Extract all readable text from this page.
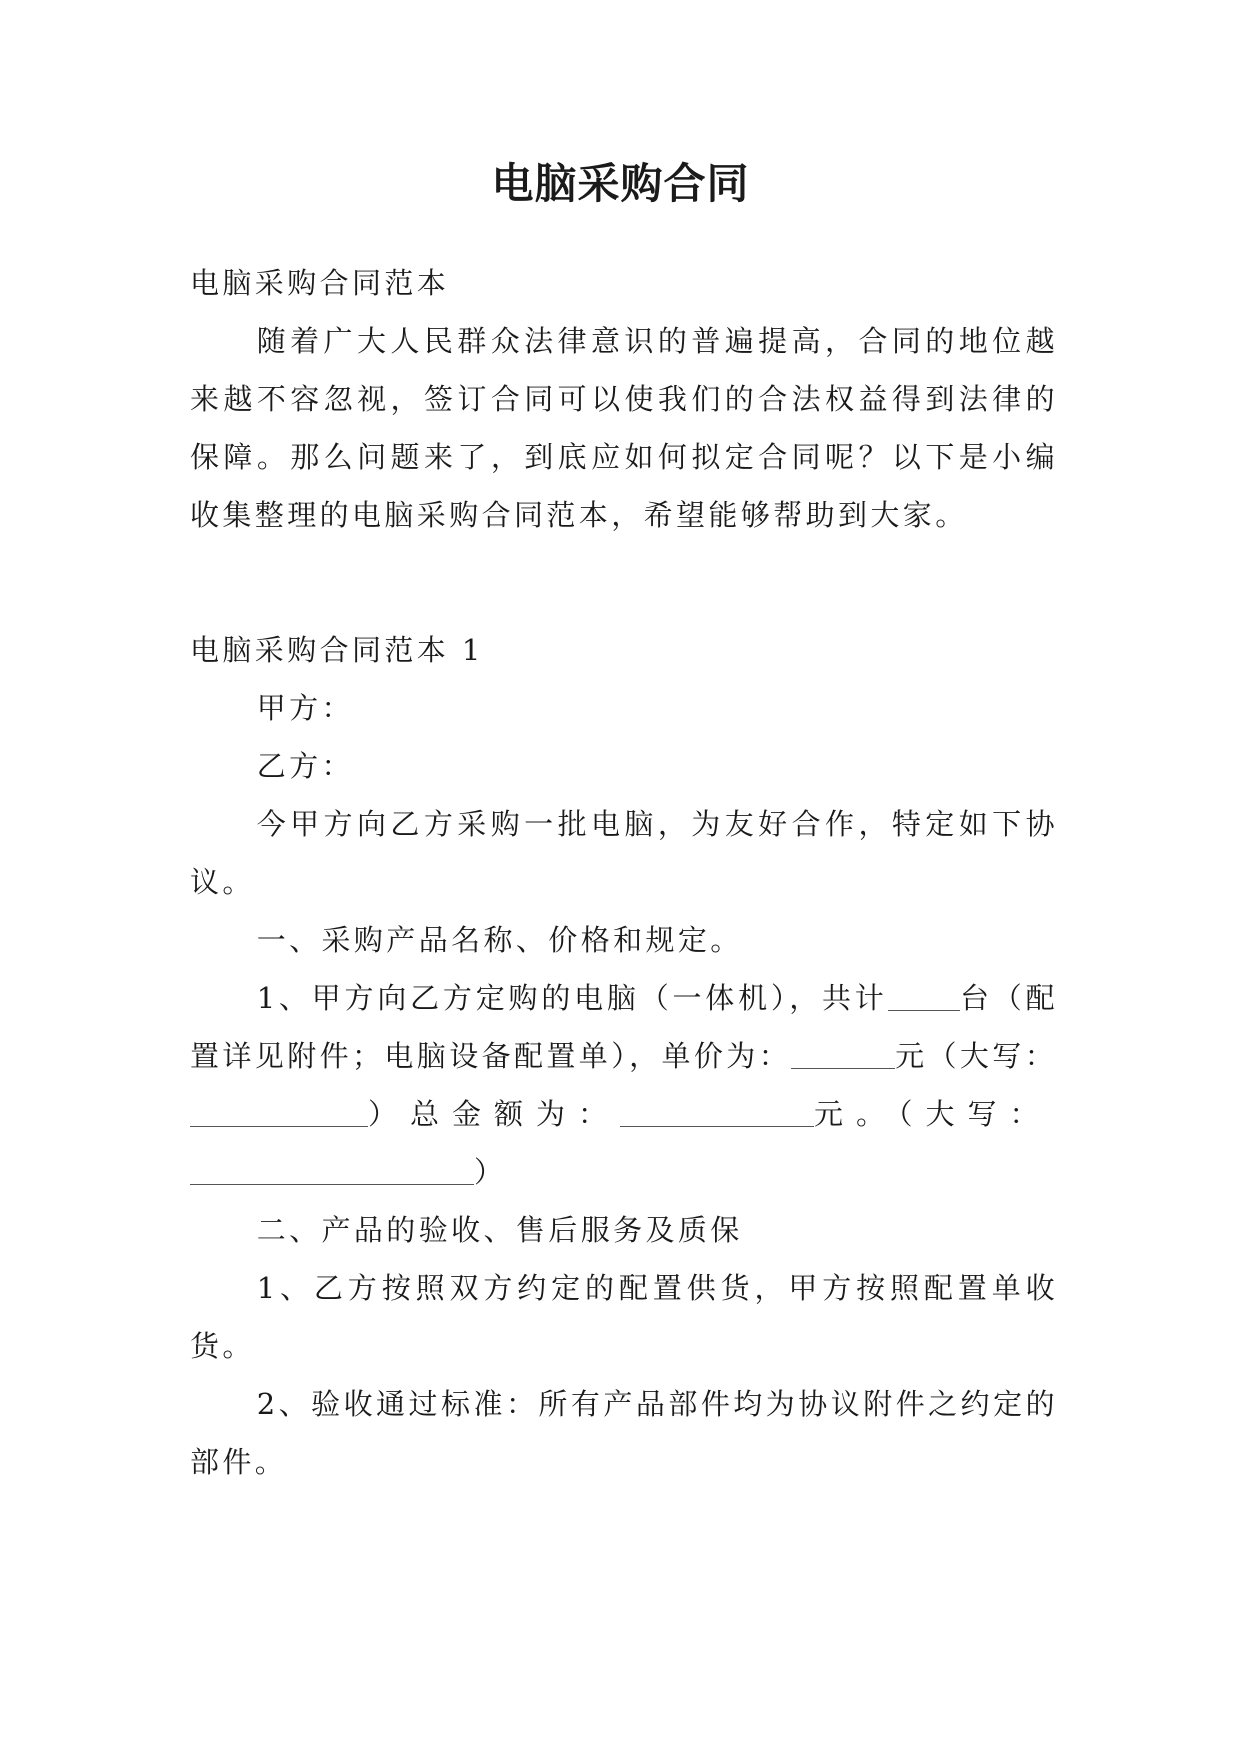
电脑采购合同

电脑采购合同范本

随着广大人民群众法律意识的普遍提高，合同的地位越来越不容忽视，签订合同可以使我们的合法权益得到法律的保障。那么问题来了，到底应如何拟定合同呢？以下是小编收集整理的电脑采购合同范本，希望能够帮助到大家。

电脑采购合同范本 1

甲方：

乙方：

今甲方向乙方采购一批电脑，为友好合作，特定如下协议。

一、采购产品名称、价格和规定。

1、甲方向乙方定购的电脑（一体机），共计 台（配置详见附件；电脑设备配置单），单价为：	元（大写：
）总金额为：	元。（大写：
）

二、产品的验收、售后服务及质保

1、乙方按照双方约定的配置供货，甲方按照配置单收货。

2、验收通过标准：所有产品部件均为协议附件之约定的部件。
